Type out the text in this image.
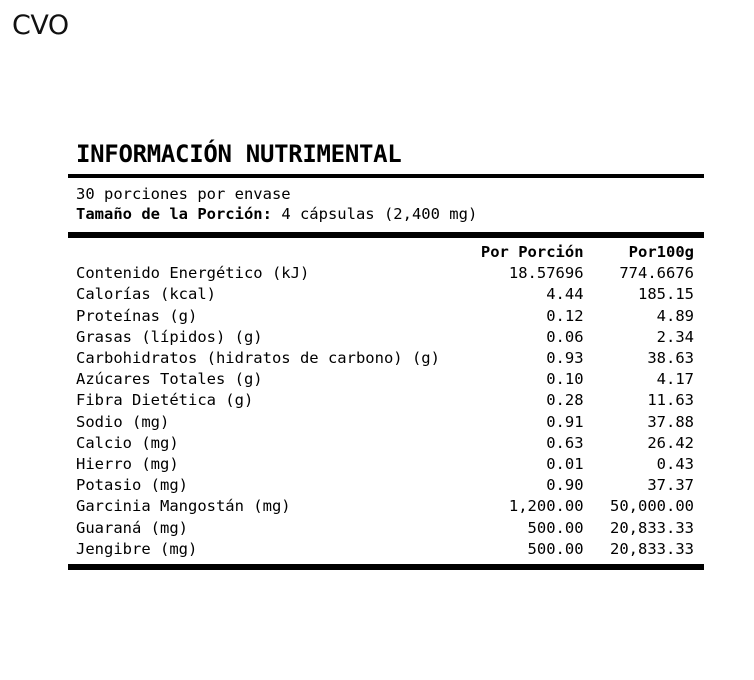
CVO
INFORMACIÓN NUTRIMENTAL
30 porciones por envase
Tamaño de la Porción: 4 cápsulas (2,400 mg)
	Por Porción	Por100g
Contenido Energético (kJ)	18.57696	774.6676
Calorías (kcal)	4.44	185.15
Proteínas (g)	0.12	4.89
Grasas (lípidos) (g)	0.06	2.34
Carbohidratos (hidratos de carbono) (g)	0.93	38.63
Azúcares Totales (g)	0.10	4.17
Fibra Dietética (g)	0.28	11.63
Sodio (mg)	0.91	37.88
Calcio (mg)	0.63	26.42
Hierro (mg)	0.01	0.43
Potasio (mg)	0.90	37.37
Garcinia Mangostán (mg)	1,200.00	50,000.00
Guaraná (mg)	500.00	20,833.33
Jengibre (mg)	500.00	20,833.33
